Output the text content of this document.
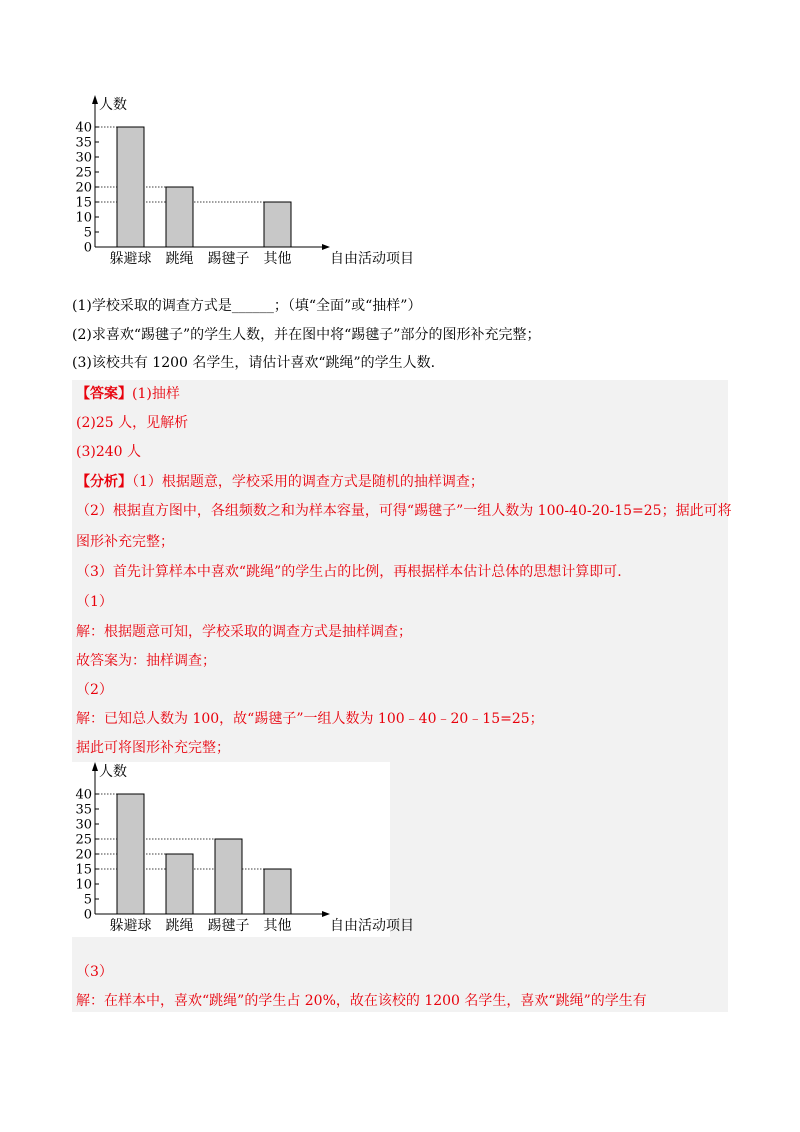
人数
自由活动项目
40
35
30
25
20
15
10
5
0
躲避球 跳绳 踢毽子 其他
(1)学校采取的调查方式是______；（填“全面”或“抽样”）
(2)求喜欢“踢毽子”的学生人数，并在图中将“踢毽子”部分的图形补充完整；
(3)该校共有 1200 名学生，请估计喜欢“跳绳”的学生人数.
【答案】(1)抽样
(2)25 人，见解析
(3)240 人
【分析】（1）根据题意，学校采用的调查方式是随机的抽样调查；
（2）根据直方图中，各组频数之和为样本容量，可得“踢毽子”一组人数为 100-40-20-15=25；据此可将
图形补充完整；
（3）首先计算样本中喜欢“跳绳”的学生占的比例，再根据样本估计总体的思想计算即可.
（1）
解：根据题意可知，学校采取的调查方式是抽样调查；
故答案为：抽样调查；
（2）
解：已知总人数为 100，故“踢毽子”一组人数为 100﹣40﹣20﹣15=25；
据此可将图形补充完整；
人数
自由活动项目
40
35
30
25
20
15
10
5
0
躲避球 跳绳 踢毽子 其他
（3）
解：在样本中，喜欢“跳绳”的学生占 20%，故在该校的 1200 名学生，喜欢“跳绳”的学生有
